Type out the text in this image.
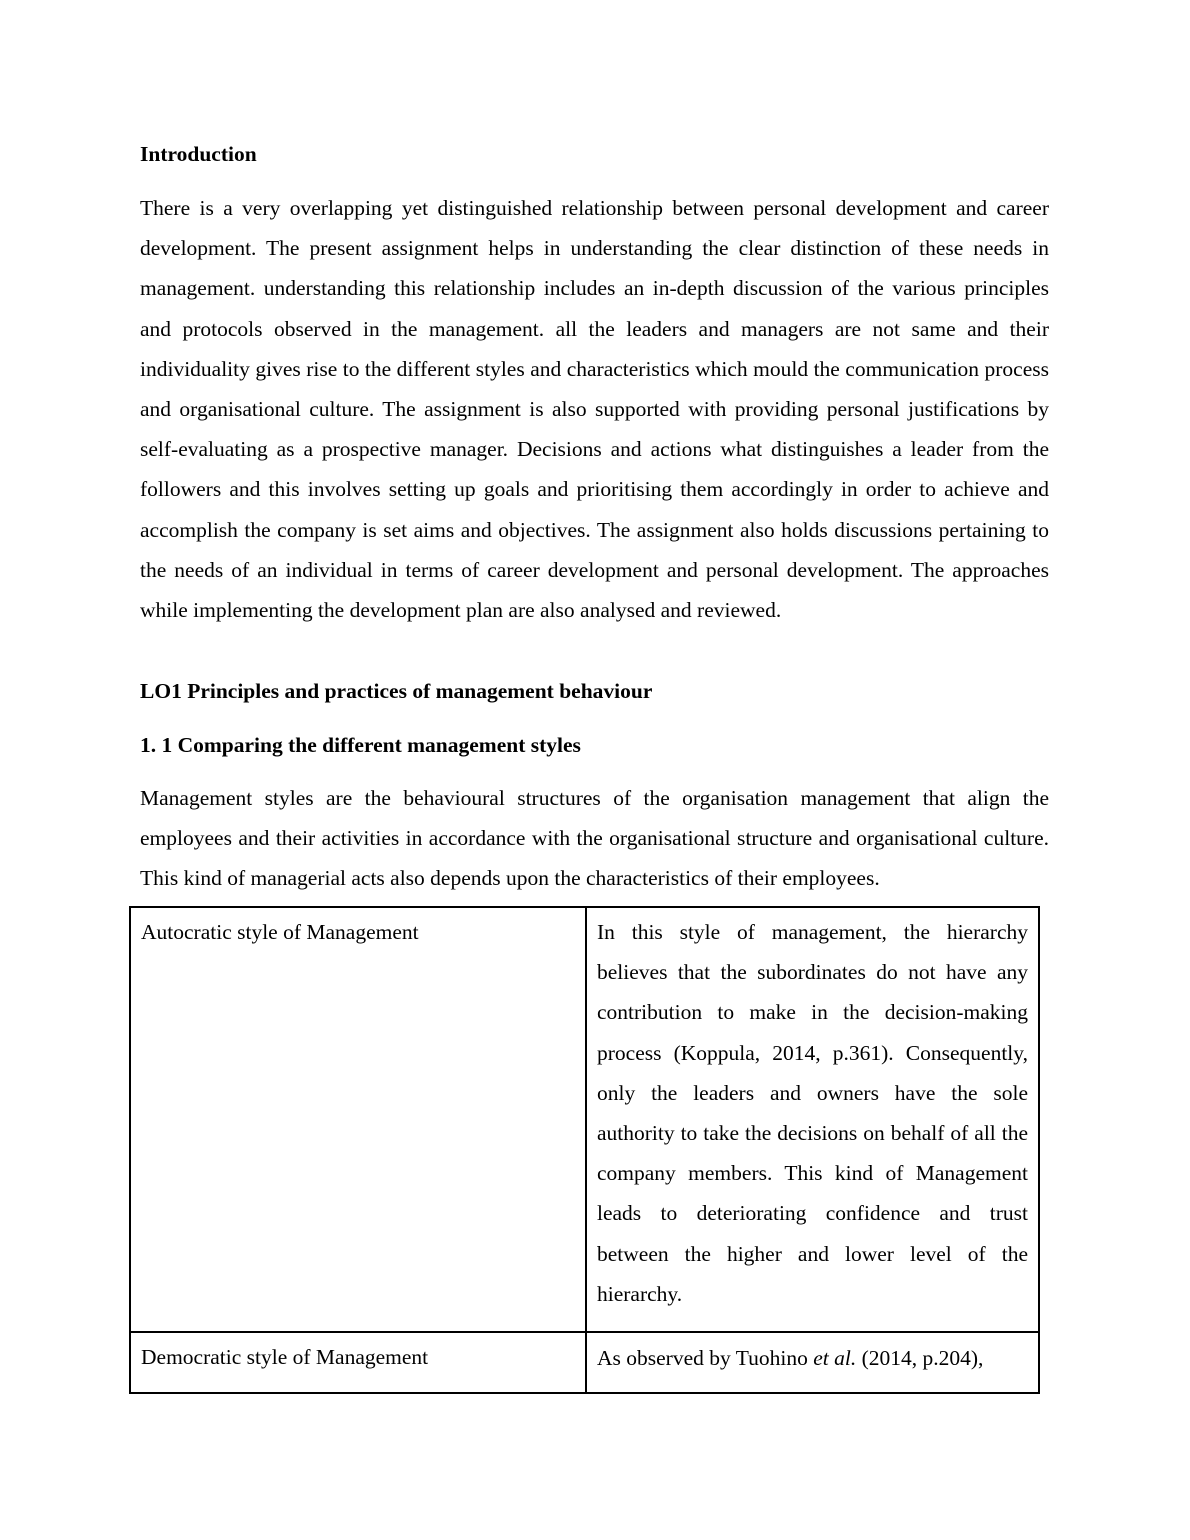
Introduction

There is a very overlapping yet distinguished relationship between personal development and career development. The present assignment helps in understanding the clear distinction of these needs in management. understanding this relationship includes an in-depth discussion of the various principles and protocols observed in the management. all the leaders and managers are not same and their individuality gives rise to the different styles and characteristics which mould the communication process and organisational culture. The assignment is also supported with providing personal justifications by self-evaluating as a prospective manager. Decisions and actions what distinguishes a leader from the followers and this involves setting up goals and prioritising them accordingly in order to achieve and accomplish the company is set aims and objectives. The assignment also holds discussions pertaining to the needs of an individual in terms of career development and personal development. The approaches while implementing the development plan are also analysed and reviewed.

LO1 Principles and practices of management behaviour
1. 1 Comparing the different management styles

Management styles are the behavioural structures of the organisation management that align the employees and their activities in accordance with the organisational structure and organisational culture. This kind of managerial acts also depends upon the characteristics of their employees.

Autocratic style of Management	In this style of management, the hierarchy believes that the subordinates do not have any contribution to make in the decision-making process (Koppula, 2014, p.361). Consequently, only the leaders and owners have the sole authority to take the decisions on behalf of all the company members. This kind of Management leads to deteriorating confidence and trust between the higher and lower level of the hierarchy.

Democratic style of Management	As observed by Tuohino et al. (2014, p.204),
